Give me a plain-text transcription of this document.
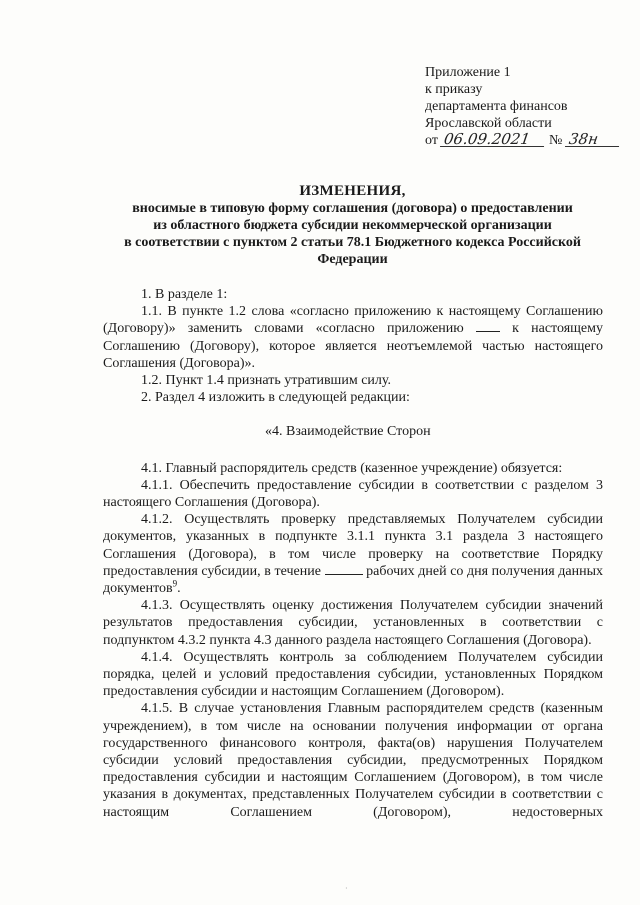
Приложение 1
к приказу
департамента финансов
Ярославской области
от 06.09.2021 № 38н
ИЗМЕНЕНИЯ,
вносимые в типовую форму соглашения (договора) о предоставлении
из областного бюджета субсидии некоммерческой организации
в соответствии с пунктом 2 статьи 78.1 Бюджетного кодекса Российской
Федерации

1. В разделе 1:

1.1. В пункте 1.2 слова «согласно приложению к настоящему Соглашению (Договору)» заменить словами «согласно приложению  к настоящему Соглашению (Договору), которое является неотъемлемой частью настоящего Соглашения (Договора)».

1.2. Пункт 1.4 признать утратившим силу.

2. Раздел 4 изложить в следующей редакции:

«4. Взаимодействие Сторон

4.1. Главный распорядитель средств (казенное учреждение) обязуется:

4.1.1. Обеспечить предоставление субсидии в соответствии с разделом 3 настоящего Соглашения (Договора).

4.1.2. Осуществлять проверку представляемых Получателем субсидии документов, указанных в подпункте 3.1.1 пункта 3.1 раздела 3 настоящего Соглашения (Договора), в том числе проверку на соответствие Порядку предоставления субсидии, в течение	рабочих дней со дня получения данных документов$^9$.

4.1.3. Осуществлять оценку достижения Получателем субсидии значений результатов предоставления субсидии, установленных в соответствии с подпунктом 4.3.2 пункта 4.3 данного раздела настоящего Соглашения (Договора).

4.1.4. Осуществлять контроль за соблюдением Получателем субсидии порядка, целей и условий предоставления субсидии, установленных Порядком предоставления субсидии и настоящим Соглашением (Договором).

4.1.5. В случае установления Главным распорядителем средств (казенным учреждением), в том числе на основании получения информации от органа государственного финансового контроля, факта(ов) нарушения Получателем субсидии условий предоставления субсидии, предусмотренных Порядком предоставления субсидии и настоящим Соглашением (Договором), в том числе указания в документах, представленных Получателем субсидии в соответствии с настоящим Соглашением (Договором), недостоверных

·
